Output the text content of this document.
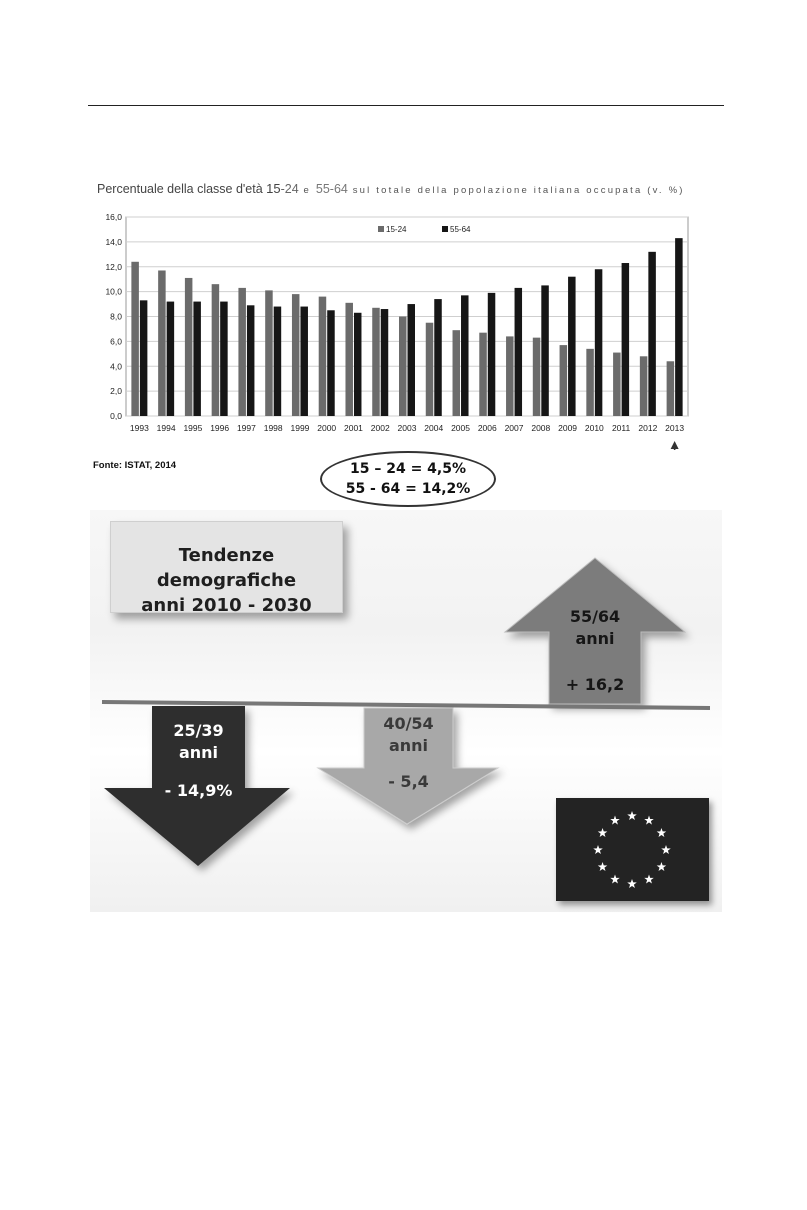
Percentuale della classe d'età 15-24 e 55-64 sul totale della popolazione italiana occupata (v. %)
0,0
2,0
4,0
6,0
8,0
10,0
12,0
14,0
16,0
1993 1994 1995 1996 1997 1998 1999 2000 2001 2002 2003 2004 2005 2006 2007 2008 2009 2010 2011 2012 2013
15-24	55-64
Fonte: ISTAT, 2014	15 – 24 = 4,5%
55 - 64 = 14,2%
Tendenze demografiche
anni 2010 - 2030
55/64
anni
+ 16,2
25/39
anni
- 14,9%
40/54
anni
- 5,4
